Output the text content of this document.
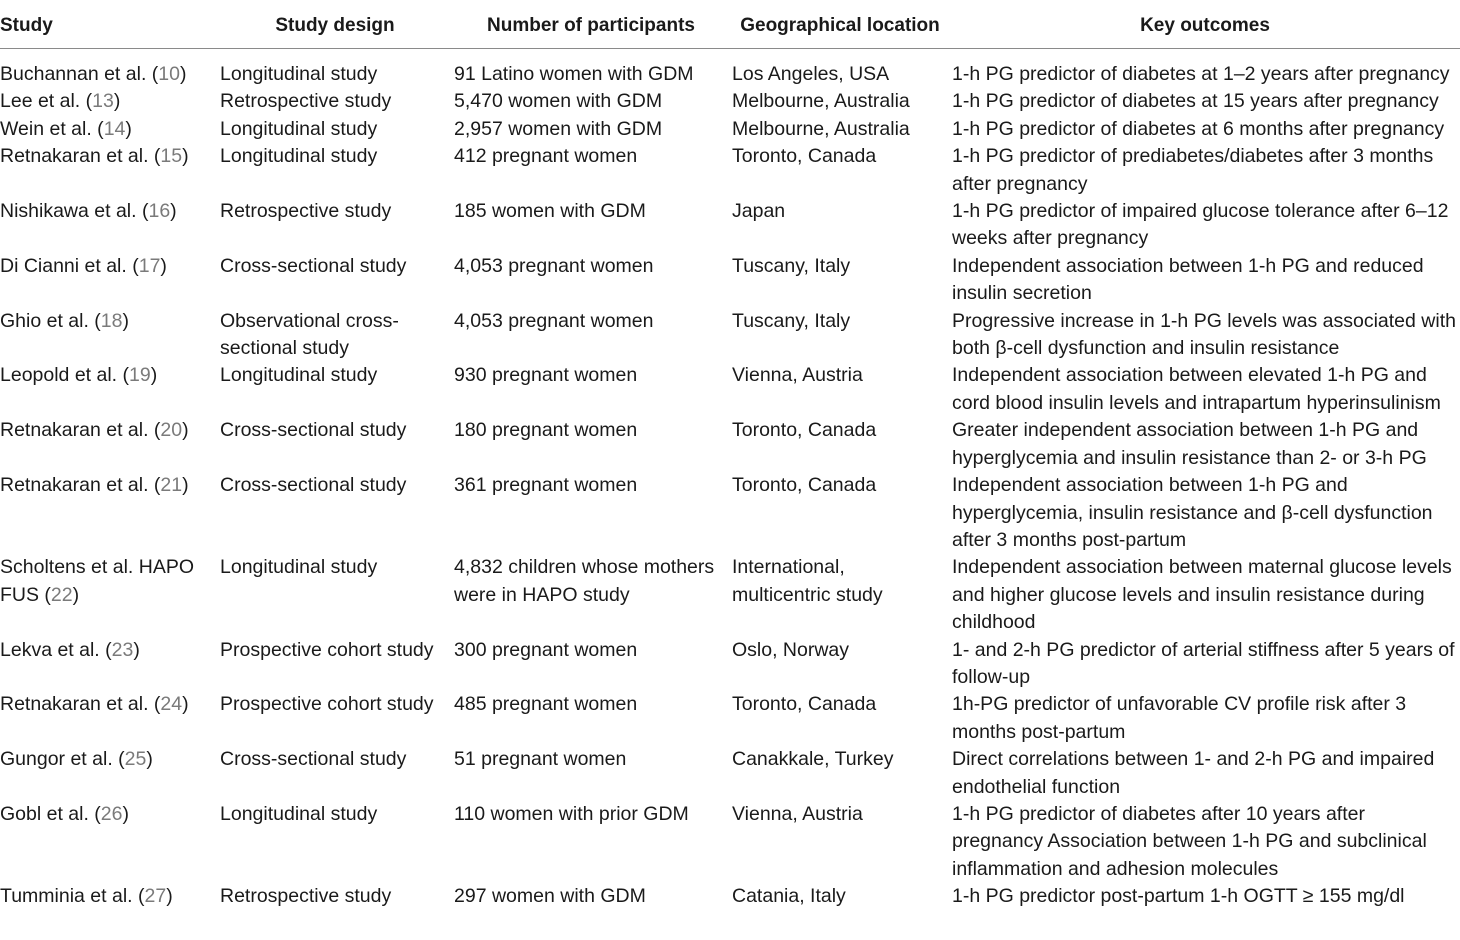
Study	Study design	Number of participants	Geographical location	Key outcomes
Buchannan et al. (10)	Longitudinal study	91 Latino women with GDM	Los Angeles, USA	1-h PG predictor of diabetes at 1–2 years after pregnancy
Lee et al. (13)	Retrospective study	5,470 women with GDM	Melbourne, Australia	1-h PG predictor of diabetes at 15 years after pregnancy
Wein et al. (14)	Longitudinal study	2,957 women with GDM	Melbourne, Australia	1-h PG predictor of diabetes at 6 months after pregnancy
Retnakaran et al. (15)	Longitudinal study	412 pregnant women	Toronto, Canada	1-h PG predictor of prediabetes/diabetes after 3 months after pregnancy
Nishikawa et al. (16)	Retrospective study	185 women with GDM	Japan	1-h PG predictor of impaired glucose tolerance after 6–12 weeks after pregnancy
Di Cianni et al. (17)	Cross-sectional study	4,053 pregnant women	Tuscany, Italy	Independent association between 1-h PG and reduced insulin secretion
Ghio et al. (18)	Observational cross-sectional study	4,053 pregnant women	Tuscany, Italy	Progressive increase in 1-h PG levels was associated with both β-cell dysfunction and insulin resistance
Leopold et al. (19)	Longitudinal study	930 pregnant women	Vienna, Austria	Independent association between elevated 1-h PG and cord blood insulin levels and intrapartum hyperinsulinism
Retnakaran et al. (20)	Cross-sectional study	180 pregnant women	Toronto, Canada	Greater independent association between 1-h PG and hyperglycemia and insulin resistance than 2- or 3-h PG
Retnakaran et al. (21)	Cross-sectional study	361 pregnant women	Toronto, Canada	Independent association between 1-h PG and hyperglycemia, insulin resistance and β-cell dysfunction after 3 months post-partum
Scholtens et al. HAPO FUS (22)	Longitudinal study	4,832 children whose mothers were in HAPO study	International, multicentric study	Independent association between maternal glucose levels and higher glucose levels and insulin resistance during childhood
Lekva et al. (23)	Prospective cohort study	300 pregnant women	Oslo, Norway	1- and 2-h PG predictor of arterial stiffness after 5 years of follow-up
Retnakaran et al. (24)	Prospective cohort study	485 pregnant women	Toronto, Canada	1h-PG predictor of unfavorable CV profile risk after 3 months post-partum
Gungor et al. (25)	Cross-sectional study	51 pregnant women	Canakkale, Turkey	Direct correlations between 1- and 2-h PG and impaired endothelial function
Gobl et al. (26)	Longitudinal study	110 women with prior GDM	Vienna, Austria	1-h PG predictor of diabetes after 10 years after pregnancy Association between 1-h PG and subclinical inflammation and adhesion molecules
Tumminia et al. (27)	Retrospective study	297 women with GDM	Catania, Italy	1-h PG predictor post-partum 1-h OGTT ≥ 155 mg/dl
